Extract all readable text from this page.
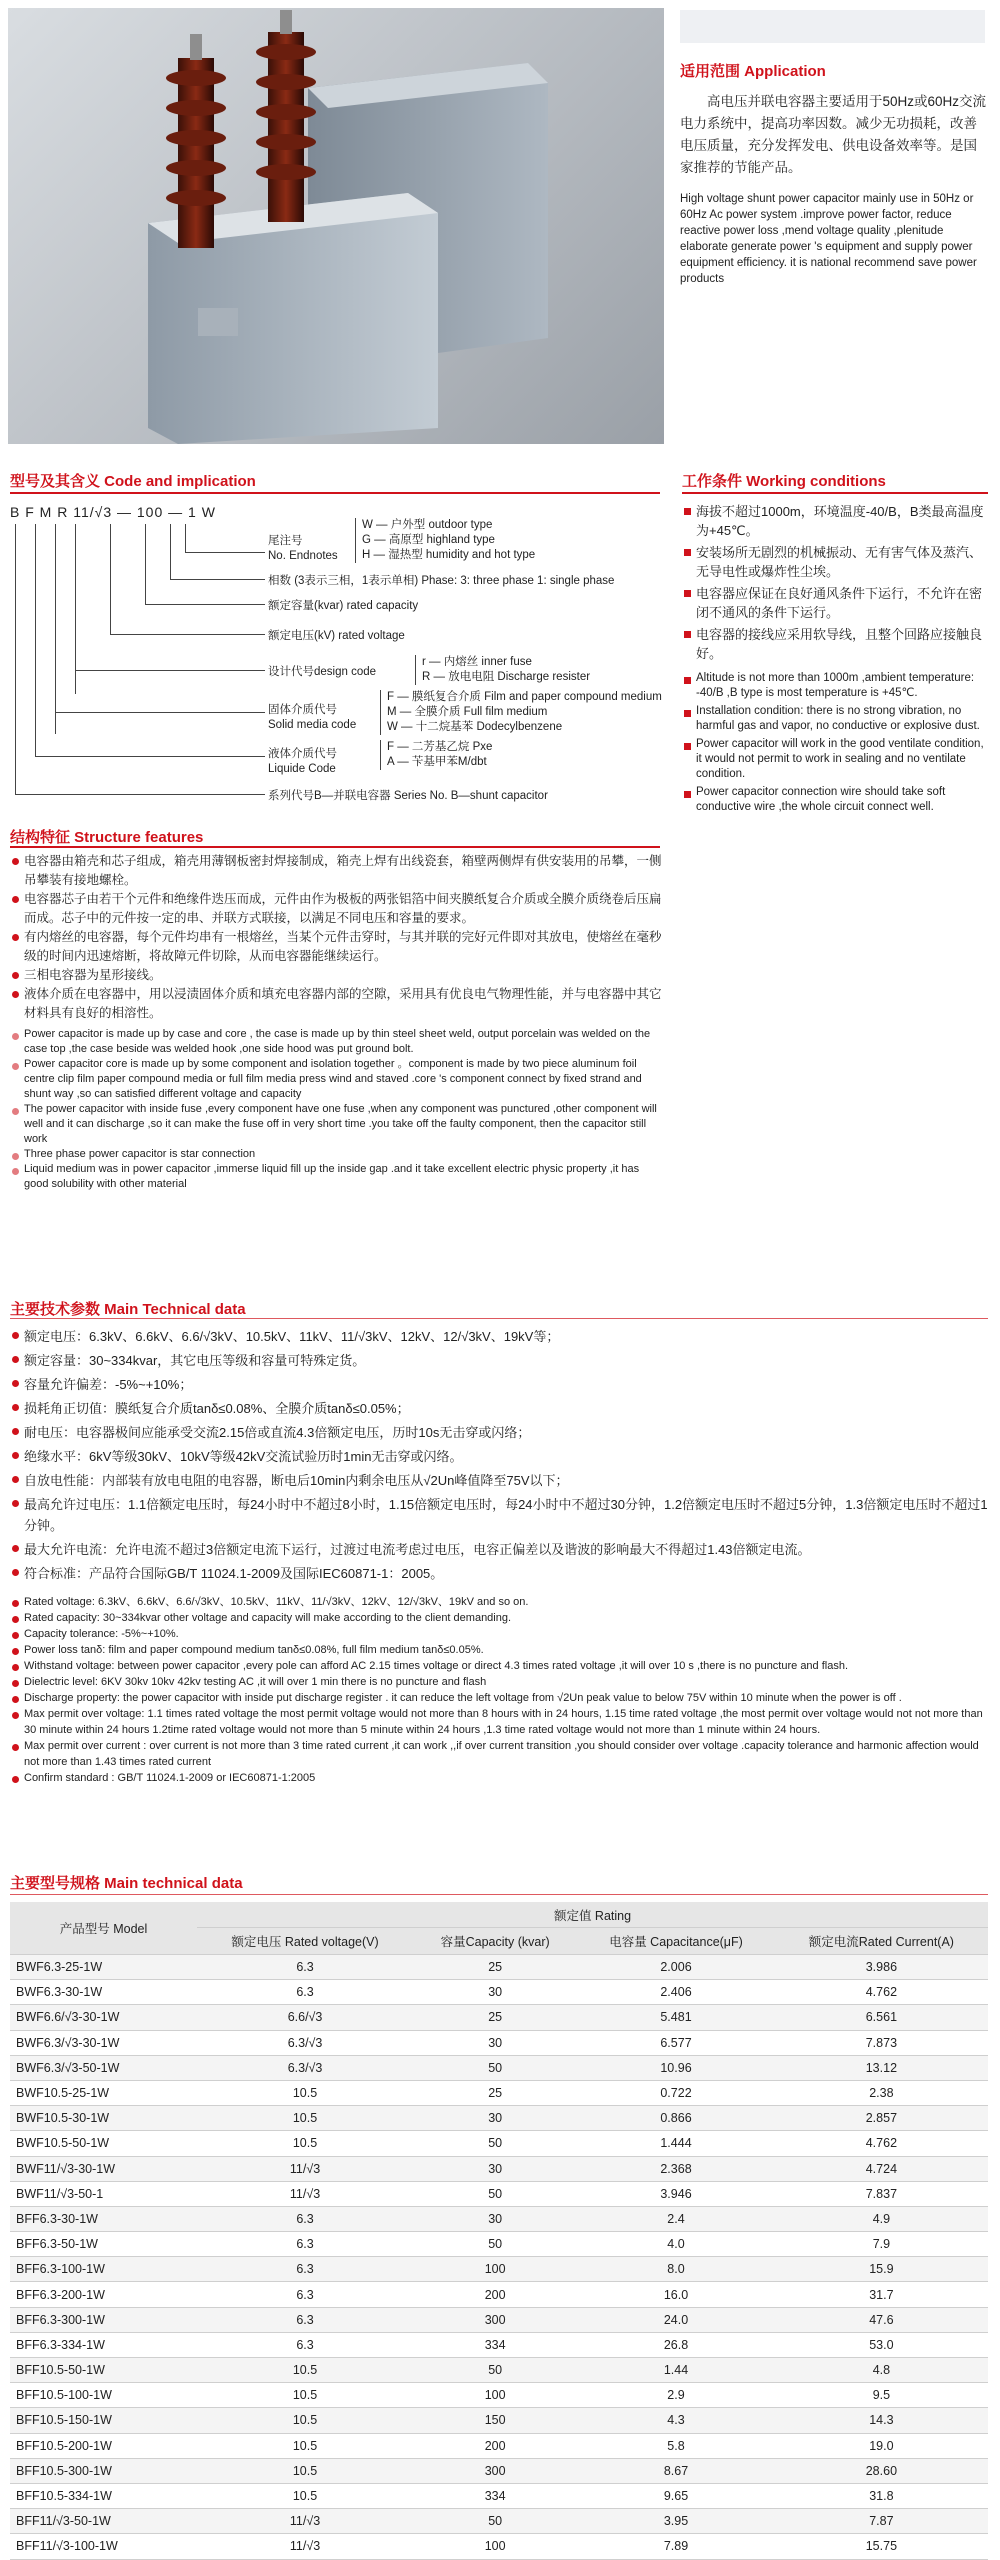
适用范围 Application

高电压并联电容器主要适用于50Hz或60Hz交流电力系统中，提高功率因数。减少无功损耗，改善电压质量，充分发挥发电、供电设备效率等。是国家推荐的节能产品。

High voltage shunt power capacitor mainly use in 50Hz or 60Hz Ac power system .improve power factor, reduce reactive power loss ,mend voltage quality ,plenitude elaborate generate power 's equipment and supply power equipment efficiency. it is national recommend save power products

型号及其含义 Code and implication
B F M R 11/√3 — 100 — 1 W
尾注号
No. Endnotes
W — 户外型 outdoor type
G — 高原型 highland type
H — 湿热型 humidity and hot type
相数 (3表示三相，1表示单相) Phase: 3: three phase 1: single phase
额定容量(kvar) rated capacity
额定电压(kV) rated voltage
设计代号design code
r — 内熔丝 inner fuse
R — 放电电阻 Discharge resister
固体介质代号
Solid media code
F — 膜纸复合介质 Film and paper compound medium
M — 全膜介质 Full film medium
W — 十二烷基苯 Dodecylbenzene
液体介质代号
Liquide Code
F — 二芳基乙烷 Pxe
A — 苄基甲苯M/dbt
系列代号B—并联电容器 Series No. B—shunt capacitor
工作条件 Working conditions
海拔不超过1000m，环境温度-40/B，B类最高温度为+45℃。
安装场所无剧烈的机械振动、无有害气体及蒸汽、无导电性或爆炸性尘埃。
电容器应保证在良好通风条件下运行，不允许在密闭不通风的条件下运行。
电容器的接线应采用软导线，且整个回路应接触良好。
Altitude is not more than 1000m ,ambient temperature: -40/B ,B type is most temperature is +45℃.
Installation condition: there is no strong vibration, no harmful gas and vapor, no conductive or explosive dust.
Power capacitor will work in the good ventilate condition, it would not permit to work in sealing and no ventilate condition.
Power capacitor connection wire should take soft conductive wire ,the whole circuit connect well.
结构特征 Structure features
电容器由箱壳和芯子组成，箱壳用薄钢板密封焊接制成，箱壳上焊有出线瓷套，箱壁两侧焊有供安装用的吊攀，一侧吊攀装有接地螺栓。
电容器芯子由若干个元件和绝缘件迭压而成，元件由作为极板的两张铝箔中间夹膜纸复合介质或全膜介质绕卷后压扁而成。芯子中的元件按一定的串、并联方式联接，以满足不同电压和容量的要求。
有内熔丝的电容器，每个元件均串有一根熔丝，当某个元件击穿时，与其并联的完好元件即对其放电，使熔丝在毫秒级的时间内迅速熔断，将故障元件切除，从而电容器能继续运行。
三相电容器为星形接线。
液体介质在电容器中，用以浸渍固体介质和填充电容器内部的空隙，采用具有优良电气物理性能，并与电容器中其它材料具有良好的相溶性。
Power capacitor is made up by case and core , the case is made up by thin steel sheet weld, output porcelain was welded on the case top ,the case beside was welded hook ,one side hood was put ground bolt.
Power capacitor core is made up by some component and isolation together 。component is made by two piece aluminum foil centre clip film paper compound media or full film media press wind and staved .core 's component connect by fixed strand and shunt way ,so can satisfied different voltage and capacity
The power capacitor with inside fuse ,every component have one fuse ,when any component was punctured ,other component will well and it can discharge ,so it can make the fuse off in very short time .you take off the faulty component, then the capacitor still work
Three phase power capacitor is star connection
Liquid medium was in power capacitor ,immerse liquid fill up the inside gap .and it take excellent electric physic property ,it has good solubility with other material
主要技术参数 Main Technical data
额定电压：6.3kV、6.6kV、6.6/√3kV、10.5kV、11kV、11/√3kV、12kV、12/√3kV、19kV等；
额定容量：30~334kvar，其它电压等级和容量可特殊定货。
容量允许偏差：-5%~+10%；
损耗角正切值：膜纸复合介质tanδ≤0.08%、全膜介质tanδ≤0.05%；
耐电压：电容器极间应能承受交流2.15倍或直流4.3倍额定电压，历时10s无击穿或闪络；
绝缘水平：6kV等级30kV、10kV等级42kV交流试验历时1min无击穿或闪络。
自放电性能：内部装有放电电阻的电容器，断电后10min内剩余电压从√2Un峰值降至75V以下；
最高允许过电压：1.1倍额定电压时，每24小时中不超过8小时，1.15倍额定电压时，每24小时中不超过30分钟，1.2倍额定电压时不超过5分钟，1.3倍额定电压时不超过1分钟。
最大允许电流：允许电流不超过3倍额定电流下运行，过渡过电流考虑过电压，电容正偏差以及谐波的影响最大不得超过1.43倍额定电流。
符合标准：产品符合国际GB/T 11024.1-2009及国际IEC60871-1：2005。
Rated voltage: 6.3kV、6.6kV、6.6/√3kV、10.5kV、11kV、11/√3kV、12kV、12/√3kV、19kV and so on.
Rated capacity: 30~334kvar other voltage and capacity will make according to the client demanding.
Capacity tolerance: -5%~+10%.
Power loss tanδ: film and paper compound medium tanδ≤0.08%, full film medium tanδ≤0.05%.
Withstand voltage: between power capacitor ,every pole can afford AC 2.15 times voltage or direct 4.3 times rated voltage ,it will over 10 s ,there is no puncture and flash.
Dielectric level: 6KV 30kv 10kv 42kv testing AC ,it will over 1 min there is no puncture and flash
Discharge property: the power capacitor with inside put discharge register . it can reduce the left voltage from √2Un peak value to below 75V within 10 minute when the power is off .
Max permit over voltage: 1.1 times rated voltage the most permit voltage would not more than 8 hours with in 24 hours, 1.15 time rated voltage ,the most permit over voltage would not not more than 30 minute within 24 hours 1.2time rated voltage would not more than 5 minute within 24 hours ,1.3 time rated voltage would not more than 1 minute within 24 hours.
Max permit over current : over current is not more than 3 time rated current ,it can work ,,if over current transition ,you should consider over voltage .capacity tolerance and harmonic affection would not more than 1.43 times rated current
Confirm standard : GB/T 11024.1-2009 or IEC60871-1:2005
主要型号规格 Main technical data
产品型号 Model	额定值 Rating			
	额定电压 Rated voltage(V)	容量Capacity (kvar)	电容量 Capacitance(μF)	额定电流Rated Current(A)
BWF6.3-25-1W	6.3	25	2.006	3.986
BWF6.3-30-1W	6.3	30	2.406	4.762
BWF6.6/√3-30-1W	6.6/√3	25	5.481	6.561
BWF6.3/√3-30-1W	6.3/√3	30	6.577	7.873
BWF6.3/√3-50-1W	6.3/√3	50	10.96	13.12
BWF10.5-25-1W	10.5	25	0.722	2.38
BWF10.5-30-1W	10.5	30	0.866	2.857
BWF10.5-50-1W	10.5	50	1.444	4.762
BWF11/√3-30-1W	11/√3	30	2.368	4.724
BWF11/√3-50-1	11/√3	50	3.946	7.837
BFF6.3-30-1W	6.3	30	2.4	4.9
BFF6.3-50-1W	6.3	50	4.0	7.9
BFF6.3-100-1W	6.3	100	8.0	15.9
BFF6.3-200-1W	6.3	200	16.0	31.7
BFF6.3-300-1W	6.3	300	24.0	47.6
BFF6.3-334-1W	6.3	334	26.8	53.0
BFF10.5-50-1W	10.5	50	1.44	4.8
BFF10.5-100-1W	10.5	100	2.9	9.5
BFF10.5-150-1W	10.5	150	4.3	14.3
BFF10.5-200-1W	10.5	200	5.8	19.0
BFF10.5-300-1W	10.5	300	8.67	28.60
BFF10.5-334-1W	10.5	334	9.65	31.8
BFF11/√3-50-1W	11/√3	50	3.95	7.87
BFF11/√3-100-1W	11/√3	100	7.89	15.75
